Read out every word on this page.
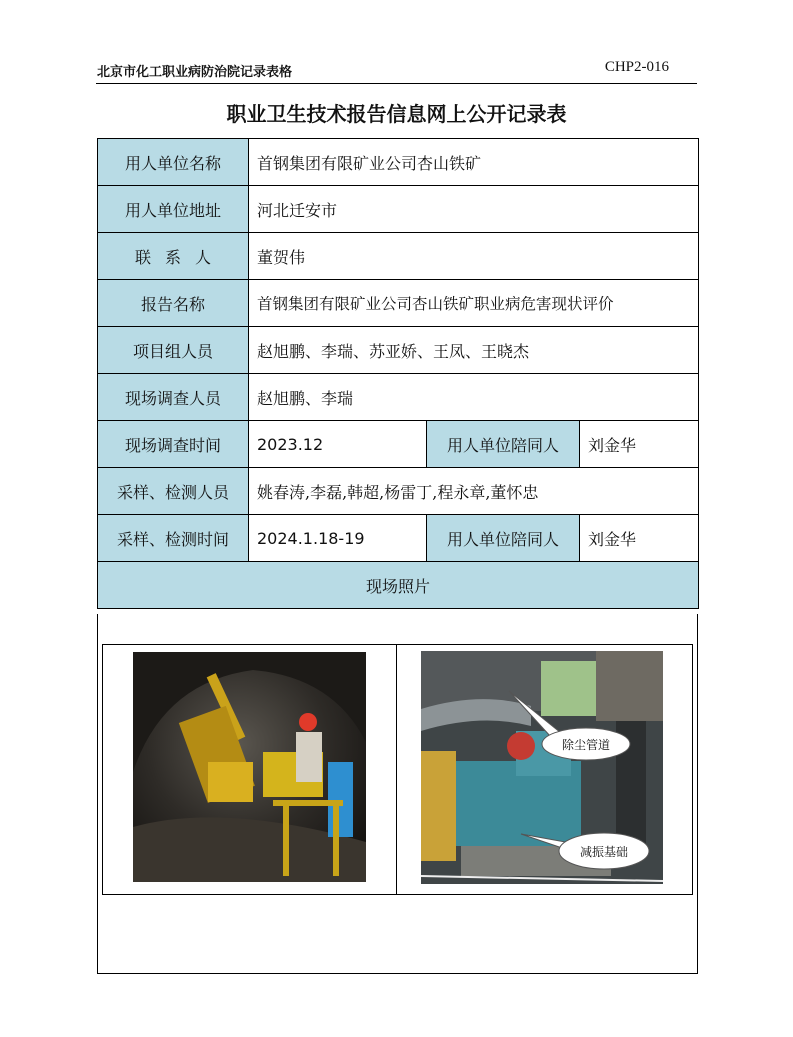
北京市化工职业病防治院记录表格	CHP2-016
职业卫生技术报告信息网上公开记录表
用人单位名称	首钢集团有限矿业公司杏山铁矿		
用人单位地址	河北迁安市		
联系人	董贺伟		
报告名称	首钢集团有限矿业公司杏山铁矿职业病危害现状评价		
项目组人员	赵旭鹏、李瑞、苏亚娇、王凤、王晓杰		
现场调查人员	赵旭鹏、李瑞		
现场调查时间	2023.12	用人单位陪同人	刘金华
采样、检测人员	姚春涛,李磊,韩超,杨雷丁,程永章,董怀忠		
采样、检测时间	2024.1.18-19	用人单位陪同人	刘金华
现场照片			
除尘管道
减振基础
